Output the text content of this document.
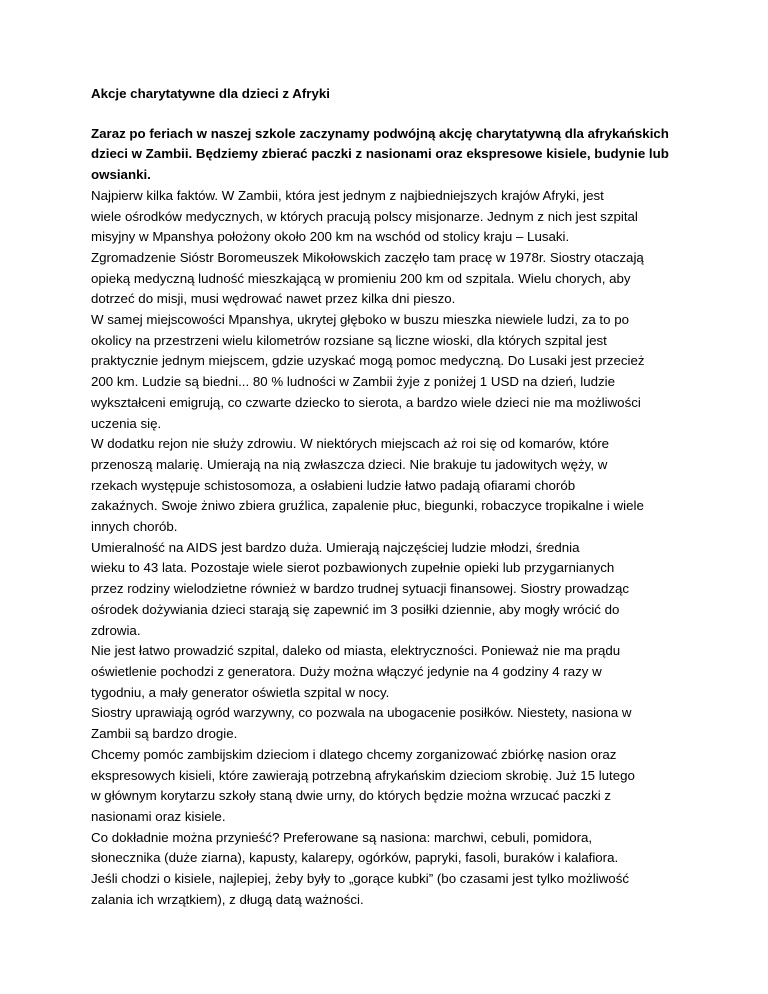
Akcje charytatywne dla dzieci z Afryki

Zaraz po feriach w naszej szkole zaczynamy podwójną akcję charytatywną dla afrykańskich
dzieci w Zambii. Będziemy zbierać paczki z nasionami oraz ekspresowe kisiele, budynie lub
owsianki.

Najpierw kilka faktów. W Zambii, która jest jednym z najbiedniejszych krajów Afryki, jest
wiele ośrodków medycznych, w których pracują polscy misjonarze. Jednym z nich jest szpital
misyjny w Mpanshya położony około 200 km na wschód od stolicy kraju – Lusaki.
Zgromadzenie Sióstr Boromeuszek Mikołowskich zaczęło tam pracę w 1978r. Siostry otaczają
opieką medyczną ludność mieszkającą w promieniu 200 km od szpitala. Wielu chorych, aby
dotrzeć do misji, musi wędrować nawet przez kilka dni pieszo.

W samej miejscowości Mpanshya, ukrytej głęboko w buszu mieszka niewiele ludzi, za to po
okolicy na przestrzeni wielu kilometrów rozsiane są liczne wioski, dla których szpital jest
praktycznie jednym miejscem, gdzie uzyskać mogą pomoc medyczną. Do Lusaki jest przecież
200 km. Ludzie są biedni... 80 % ludności w Zambii żyje z poniżej 1 USD na dzień, ludzie
wykształceni emigrują, co czwarte dziecko to sierota, a bardzo wiele dzieci nie ma możliwości
uczenia się.

W dodatku rejon nie służy zdrowiu. W niektórych miejscach aż roi się od komarów, które
przenoszą malarię. Umierają na nią zwłaszcza dzieci. Nie brakuje tu jadowitych węży, w
rzekach występuje schistosomoza, a osłabieni ludzie łatwo padają ofiarami chorób
zakaźnych. Swoje żniwo zbiera gruźlica, zapalenie płuc, biegunki, robaczyce tropikalne i wiele
innych chorób.

Umieralność na AIDS jest bardzo duża. Umierają najczęściej ludzie młodzi, średnia
wieku to 43 lata. Pozostaje wiele sierot pozbawionych zupełnie opieki lub przygarnianych
przez rodziny wielodzietne również w bardzo trudnej sytuacji finansowej. Siostry prowadząc
ośrodek dożywiania dzieci starają się zapewnić im 3 posiłki dziennie, aby mogły wrócić do
zdrowia.

Nie jest łatwo prowadzić szpital, daleko od miasta, elektryczności. Ponieważ nie ma prądu
oświetlenie pochodzi z generatora. Duży można włączyć jedynie na 4 godziny 4 razy w
tygodniu, a mały generator oświetla szpital w nocy.

Siostry uprawiają ogród warzywny, co pozwala na ubogacenie posiłków. Niestety, nasiona w
Zambii są bardzo drogie.

Chcemy pomóc zambijskim dzieciom i dlatego chcemy zorganizować zbiórkę nasion oraz
ekspresowych kisieli, które zawierają potrzebną afrykańskim dzieciom skrobię. Już 15 lutego
w głównym korytarzu szkoły staną dwie urny, do których będzie można wrzucać paczki z
nasionami oraz kisiele.

Co dokładnie można przynieść? Preferowane są nasiona: marchwi, cebuli, pomidora,
słonecznika (duże ziarna), kapusty, kalarepy, ogórków, papryki, fasoli, buraków i kalafiora.
Jeśli chodzi o kisiele, najlepiej, żeby były to „gorące kubki” (bo czasami jest tylko możliwość
zalania ich wrzątkiem), z długą datą ważności.
